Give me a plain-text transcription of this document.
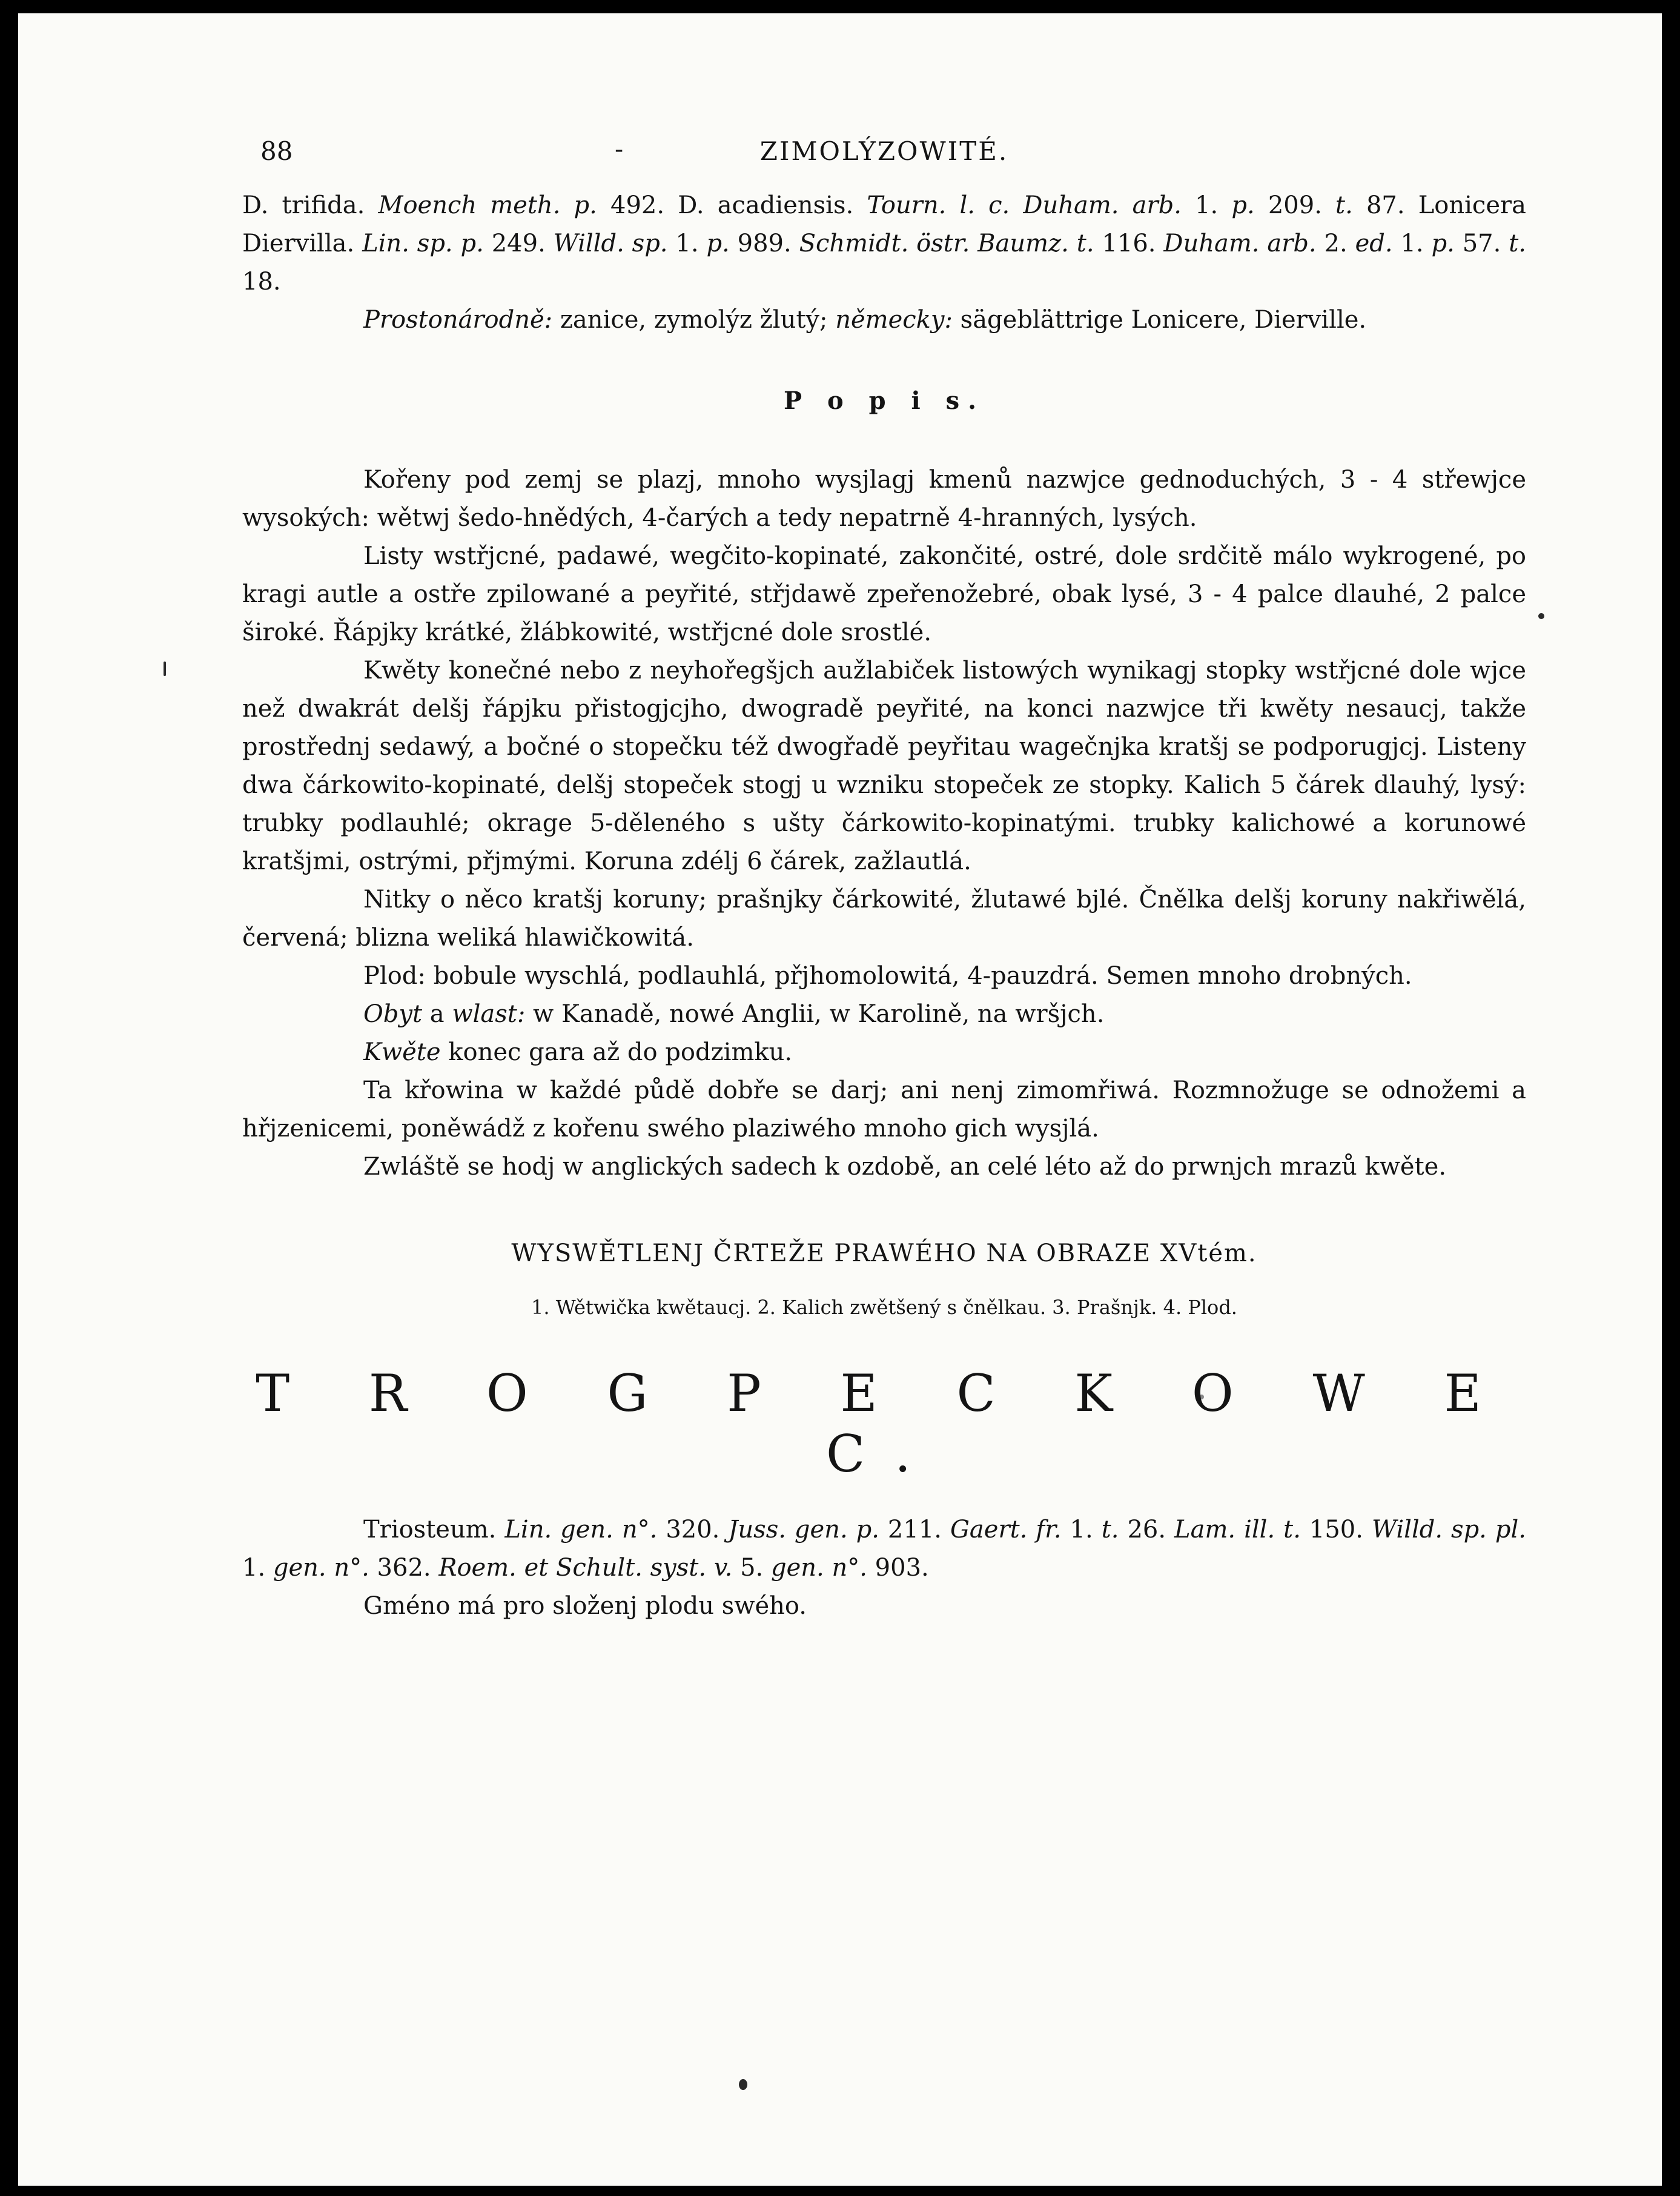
88	-	ZIMOLÝZOWITÉ.

D. trifida. Moench meth. p. 492. D. acadiensis. Tourn. l. c. Duham. arb. 1. p. 209. t. 87. Lonicera Diervilla. Lin. sp. p. 249. Willd. sp. 1. p. 989. Schmidt. östr. Baumz. t. 116. Duham. arb. 2. ed. 1. p. 57. t. 18.

Prostonárodně: zanice, zymolýz žlutý; německy: sägeblättrige Lonicere, Dierville.

P o p i s.

Kořeny pod zemj se plazj, mnoho wysjlagj kmenů nazwjce gednoduchých, 3 - 4 střewjce wysokých: wětwj šedo-hnědých, 4-čarých a tedy nepatrně 4-hranných, lysých.

Listy wstřjcné, padawé, wegčito-kopinaté, zakončité, ostré, dole srdčitě málo wykrogené, po kragi autle a ostře zpilowané a peyřité, střjdawě zpeřenožebré, obak lysé, 3 - 4 palce dlauhé, 2 palce široké. Řápjky krátké, žlábkowité, wstřjcné dole srostlé.

Kwěty konečné nebo z neyhořegšjch aužlabiček listowých wynikagj stopky wstřjcné dole wjce než dwakrát delšj řápjku přistogjcjho, dwogradě peyřité, na konci nazwjce tři kwěty nesaucj, takže prostřednj sedawý, a bočné o stopečku též dwogřadě peyřitau wagečnjka kratšj se podporugjcj. Listeny dwa čárkowito-kopinaté, delšj stopeček stogj u wzniku stopeček ze stopky. Kalich 5 čárek dlauhý, lysý: trubky podlauhlé; okrage 5-děleného s ušty čárkowito-kopinatými. trubky kalichowé a korunowé kratšjmi, ostrými, přjmými. Koruna zdélj 6 čárek, zažlautlá.

Nitky o něco kratšj koruny; prašnjky čárkowité, žlutawé bjlé. Čnělka delšj koruny nakřiwělá, červená; blizna weliká hlawičkowitá.

Plod: bobule wyschlá, podlauhlá, přjhomolowitá, 4-pauzdrá. Semen mnoho drobných.

Obyt a wlast: w Kanadě, nowé Anglii, w Karolině, na wršjch.

Kwěte konec gara až do podzimku.

Ta křowina w každé půdě dobře se darj; ani nenj zimomřiwá. Rozmnožuge se odnožemi a hřjzenicemi, poněwádž z kořenu swého plaziwého mnoho gich wysjlá.

Zwláště se hodj w anglických sadech k ozdobě, an celé léto až do prwnjch mrazů kwěte.

WYSWĚTLENJ ČRTEŽE PRAWÉHO NA OBRAZE XVtém.
1. Wětwička kwětaucj. 2. Kalich zwětšený s čnělkau. 3. Prašnjk. 4. Plod.
T R O G P E C K O W E C.

Triosteum. Lin. gen. n°. 320. Juss. gen. p. 211. Gaert. fr. 1. t. 26. Lam. ill. t. 150. Willd. sp. pl. 1. gen. n°. 362. Roem. et Schult. syst. v. 5. gen. n°. 903.

Gméno má pro složenj plodu swého.
